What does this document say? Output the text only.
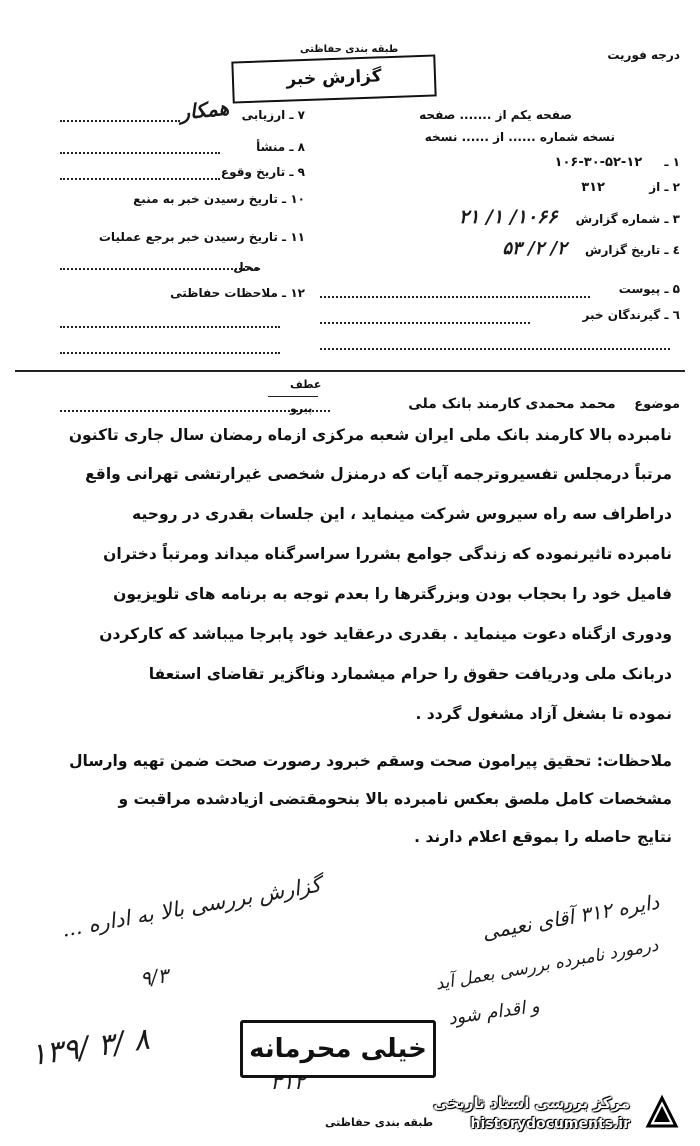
درجه فوریت
طبقه بندی حفاظتی
گزارش خبر
همکار	صفحه یکم از ....... صفحه
نسخه شماره ...... از ...... نسخه
۱ ـ ۱۲-۵۲-۳۰-۱۰۶
۲ ـ از ۳۱۲
۳ ـ شماره گزارش ۱۰۶۶/ ۱/ ۲۱
٤ ـ تاریخ گزارش ۲/ ۲/ ۵۳
۵ ـ پیوست
٦ ـ گیرندگان خبر
۷ ـ ارزیابی
۸ ـ منشأ
۹ ـ تاریخ وقوع
۱۰ ـ تاریخ رسیدن خبر به منبع
۱۱ ـ تاریخ رسیدن خبر برجع عملیات
محل
۱۲ ـ ملاحظات حفاظتی
موضوع محمد محمدی کارمند بانک ملی
عطف
پیرو
نامبرده بالا کارمند بانک ملی ایران شعبه مرکزی ازماه رمضان سال جاری تاکنون
مرتباً درمجلس تفسیروترجمه آیات که درمنزل شخصی غیرارتشی تهرانی واقع
دراطراف سه راه سیروس شرکت مینماید ، این جلسات بقدری در روحیه
نامبرده تاثیرنموده که زندگی جوامع بشررا سراسرگناه میداند ومرتباً دختران
فامیل خود را بحجاب بودن وبزرگترها را بعدم توجه به برنامه های تلویزیون
ودوری ازگناه دعوت مینماید . بقدری درعقاید خود پابرجا میباشد که کارکردن
دربانک ملی ودریافت حقوق را حرام میشمارد وناگزیر تقاضای استعفا
نموده تا بشغل آزاد مشغول گردد .
ملاحظات: تحقیق پیرامون صحت وسقم خبرود رصورت صحت ضمن تهیه وارسال
مشخصات کامل ملصق بعکس نامبرده بالا بنحومقتضی ازیادشده مراقبت و
نتایج حاصله را بموقع اعلام دارند .
گزارش بررسی بالا به اداره ...
۹/۳
دایره ۳۱۲ آقای نعیمی
درمورد نامبرده بررسی بعمل آید
و اقدام شود
۱۳۹/ ۳/ ۸
۳۱۲
خیلی محرمانه
طبقه بندی حفاظتی
مرکز بررسی اسناد تاریخی
historydocuments.ir
